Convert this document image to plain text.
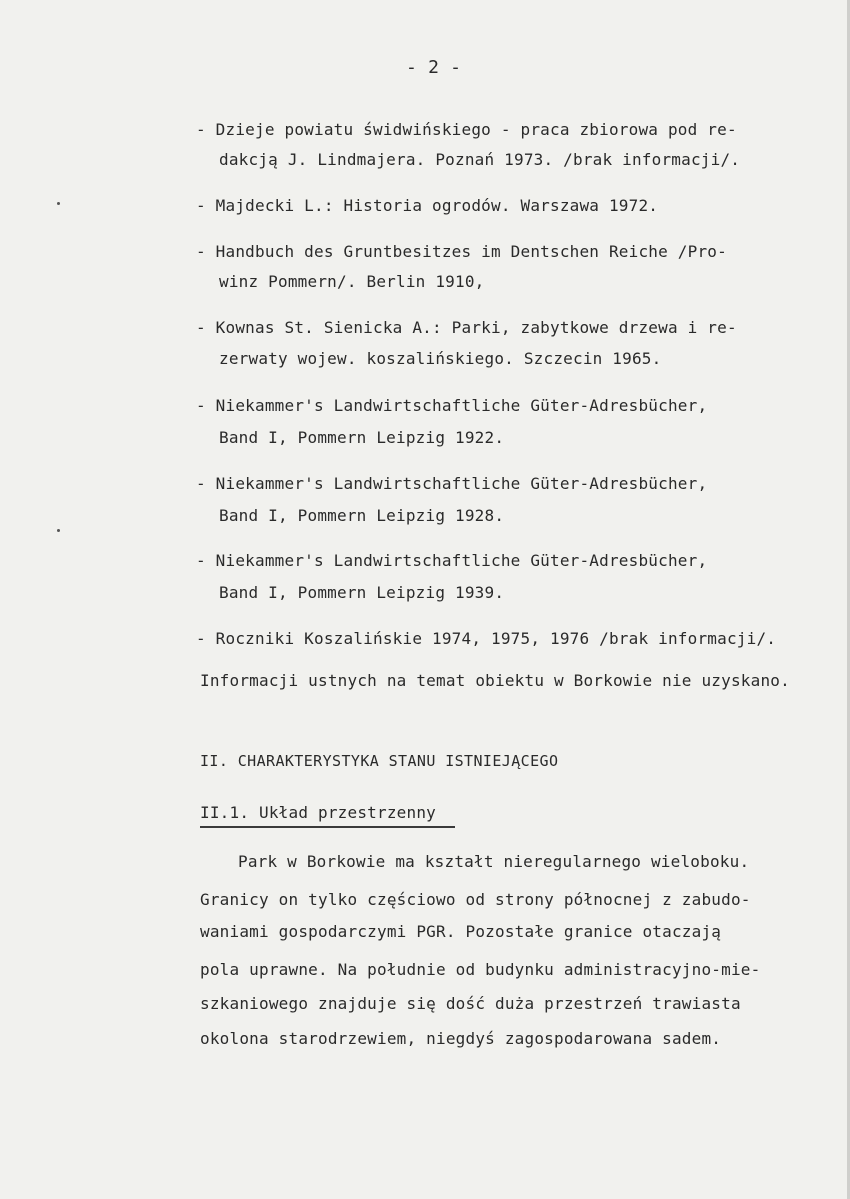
- 2 -
- Dzieje powiatu świdwińskiego - praca zbiorowa pod re-
dakcją J. Lindmajera. Poznań 1973. /brak informacji/.
- Majdecki L.: Historia ogrodów. Warszawa 1972.
- Handbuch des Gruntbesitzes im Dentschen Reiche /Pro-
winz Pommern/. Berlin 1910,
- Kownas St. Sienicka A.: Parki, zabytkowe drzewa i re-
zerwaty wojew. koszalińskiego. Szczecin 1965.
- Niekammer's Landwirtschaftliche Güter-Adresbücher,
Band I, Pommern Leipzig 1922.
- Niekammer's Landwirtschaftliche Güter-Adresbücher,
Band I, Pommern Leipzig 1928.
- Niekammer's Landwirtschaftliche Güter-Adresbücher,
Band I, Pommern Leipzig 1939.
- Roczniki Koszalińskie 1974, 1975, 1976 /brak informacji/.
Informacji ustnych na temat obiektu w Borkowie nie uzyskano.
II. CHARAKTERYSTYKA STANU ISTNIEJĄCEGO
II.1. Układ przestrzenny
Park w Borkowie ma kształt nieregularnego wieloboku.
Granicy on tylko częściowo od strony północnej z zabudo-
waniami gospodarczymi PGR. Pozostałe granice otaczają
pola uprawne. Na południe od budynku administracyjno-mie-
szkaniowego znajduje się dość duża przestrzeń trawiasta
okolona starodrzewiem, niegdyś zagospodarowana sadem.
